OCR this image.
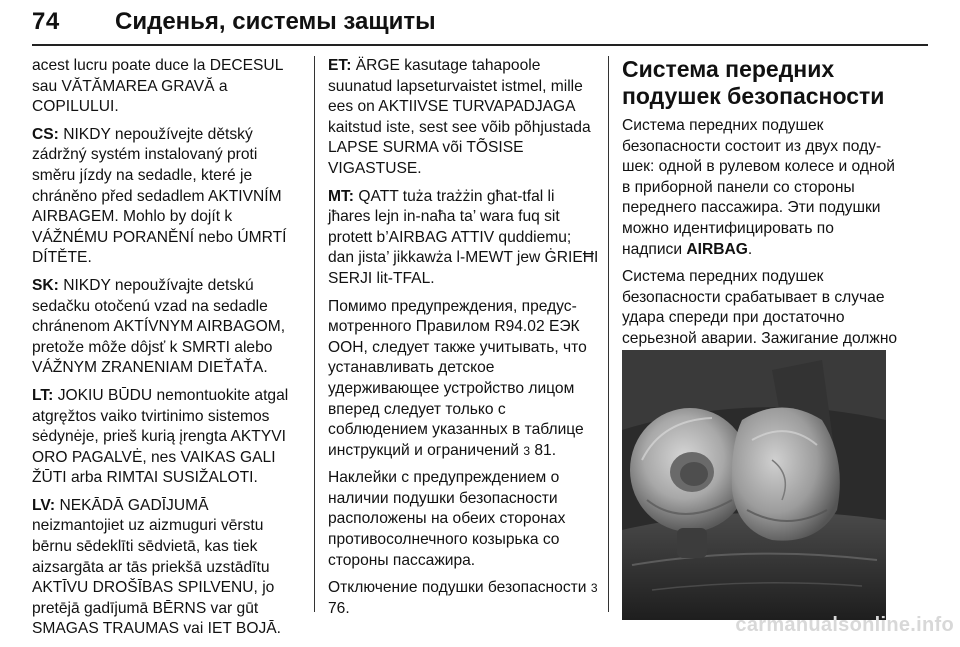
74 Сиденья, системы защиты

acest lucru poate duce la DECESUL sau VĂTĂMAREA GRAVĂ a COPILULUI.

CS: NIKDY nepoužívejte dětský zádržný systém instalovaný proti směru jízdy na sedadle, které je chráněno před sedadlem AKTIVNÍM AIRBAGEM. Mohlo by dojít k VÁŽNÉMU PORANĚNÍ nebo ÚMRTÍ DÍTĚTE.

SK: NIKDY nepoužívajte detskú sedačku otočenú vzad na sedadle chránenom AKTÍVNYM AIRBAGOM, pretože môže dôjsť k SMRTI alebo VÁŽNYM ZRANENIAM DIEŤAŤA.

LT: JOKIU BŪDU nemontuokite atgal atgręžtos vaiko tvirtinimo sistemos sėdynėje, prieš kurią įrengta AKTYVI ORO PAGALVĖ, nes VAIKAS GALI ŽŪTI arba RIMTAI SUSIŽALOTI.

LV: NEKĀDĀ GADĪJUMĀ neizmantojiet uz aizmuguri vērstu bērnu sēdeklīti sēdvietā, kas tiek aizsargāta ar tās priekšā uzstādītu AKTĪVU DROŠĪBAS SPILVENU, jo pretējā gadījumā BĒRNS var gūt SMAGAS TRAUMAS vai IET BOJĀ.

ET: ÄRGE kasutage tahapoole suunatud lapseturvaistet istmel, mille ees on AKTIIVSE TURVAPADJAGA kaitstud iste, sest see võib põhjustada LAPSE SURMA või TÕSISE VIGASTUSE.

MT: QATT tuża trażżin għat-tfal li jħares lejn in-naħa ta’ wara fuq sit protett b’AIRBAG ATTIV quddiemu; dan jista’ jikkawża l-MEWT jew ĠRIEĦI SERJI lit-TFAL.

Помимо предупреждения, предусмотренного Правилом R94.02 ЕЭК ООН, следует также учитывать, что устанавливать детское удерживающее устройство лицом вперед следует только с соблюдением указанных в таблице инструкций и ограничений 3 81.

Наклейки с предупреждением о наличии подушки безопасности расположены на обеих сторонах противосолнечного козырька со стороны пассажира.

Отключение подушки безопасности 3 76.

Система передних подушек безопасности

Система передних подушек безопасности состоит из двух подушек: одной в рулевом колесе и одной в приборной панели со стороны переднего пассажира. Эти подушки можно идентифицировать по надписи AIRBAG.

Система передних подушек безопасности срабатывает в случае удара спереди при достаточно серьезной аварии. Зажигание должно

carmanualsonline.info
